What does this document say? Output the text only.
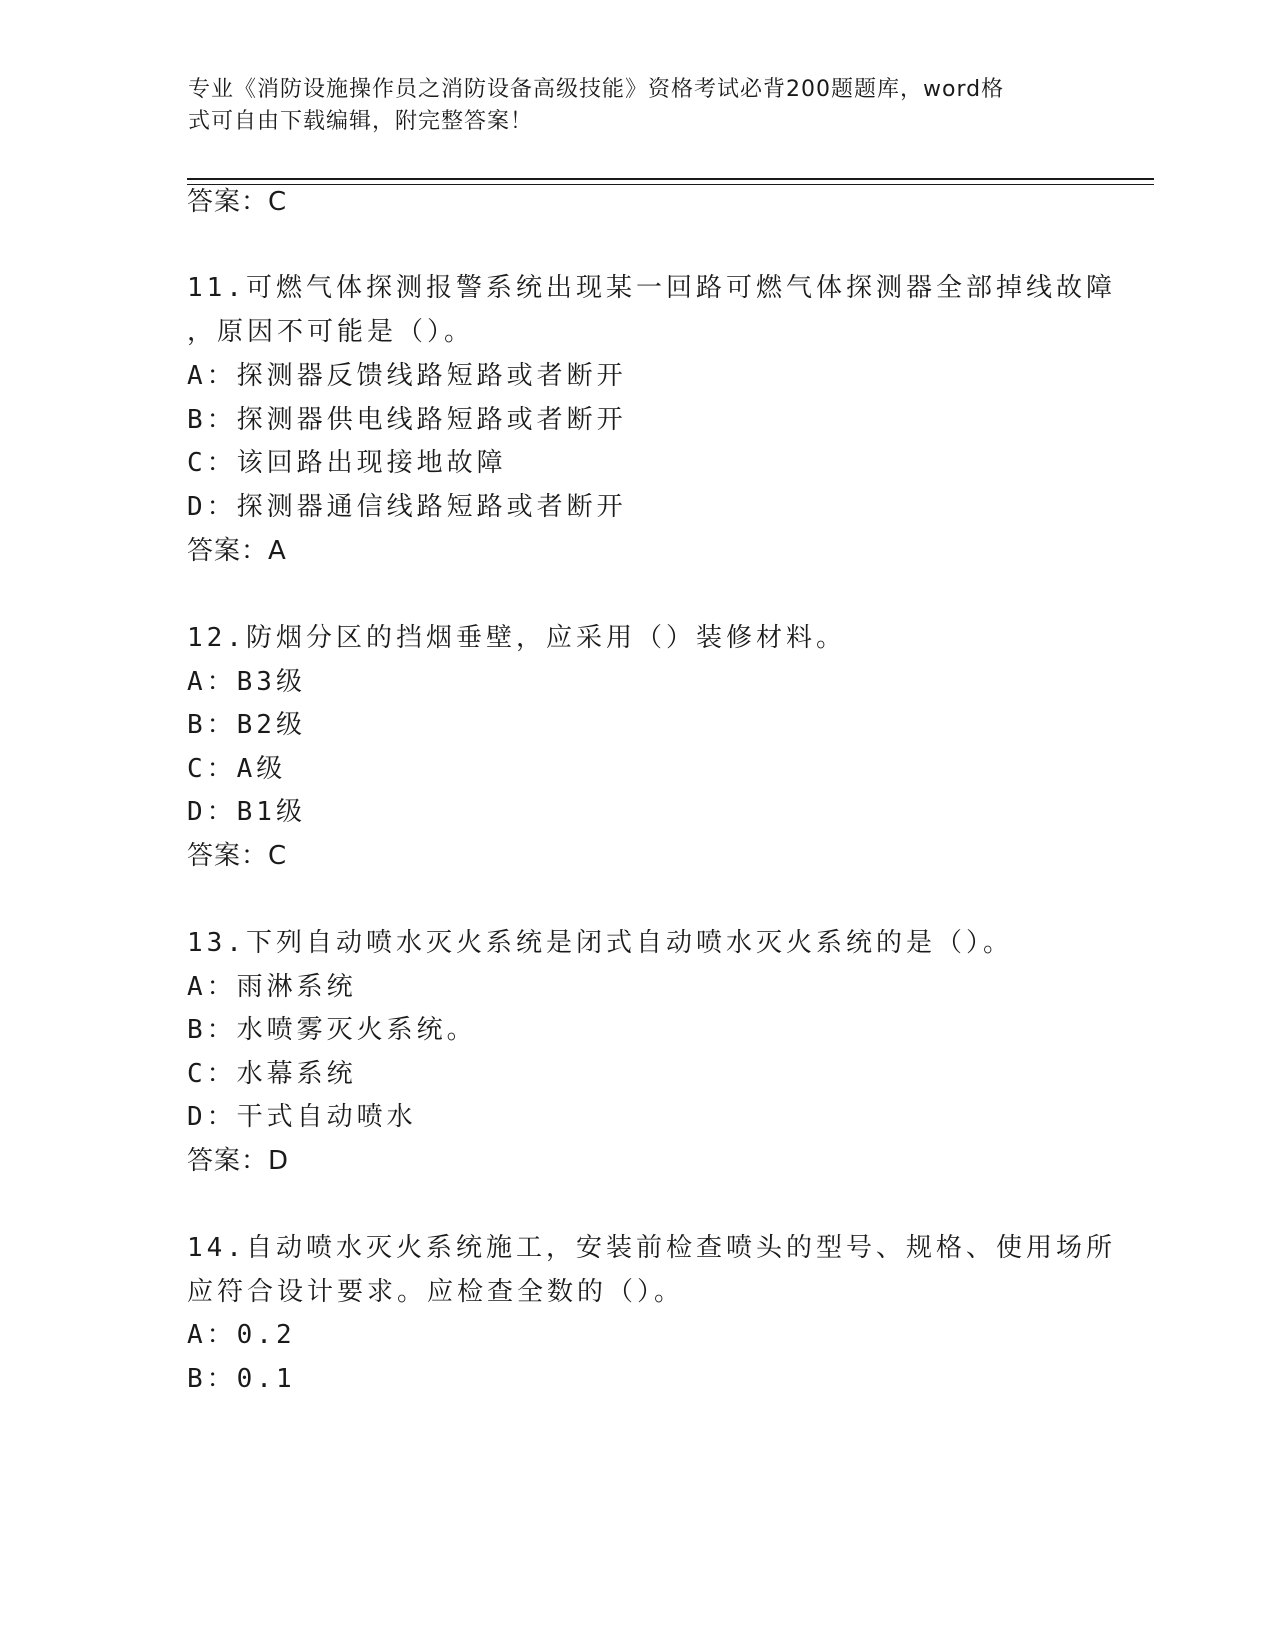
专业《消防设施操作员之消防设备高级技能》资格考试必背200题题库，word格
式可自由下载编辑，附完整答案！
答案：C
11.可燃气体探测报警系统出现某一回路可燃气体探测器全部掉线故障
，原因不可能是（）。
A：探测器反馈线路短路或者断开
B：探测器供电线路短路或者断开
C：该回路出现接地故障
D：探测器通信线路短路或者断开
答案：A
12.防烟分区的挡烟垂壁，应采用（）装修材料。
A：B3级
B：B2级
C：A级
D：B1级
答案：C
13.下列自动喷水灭火系统是闭式自动喷水灭火系统的是（）。
A：雨淋系统
B：水喷雾灭火系统。
C：水幕系统
D：干式自动喷水
答案：D
14.自动喷水灭火系统施工，安装前检查喷头的型号、规格、使用场所
应符合设计要求。应检查全数的（）。
A：0.2
B：0.1
